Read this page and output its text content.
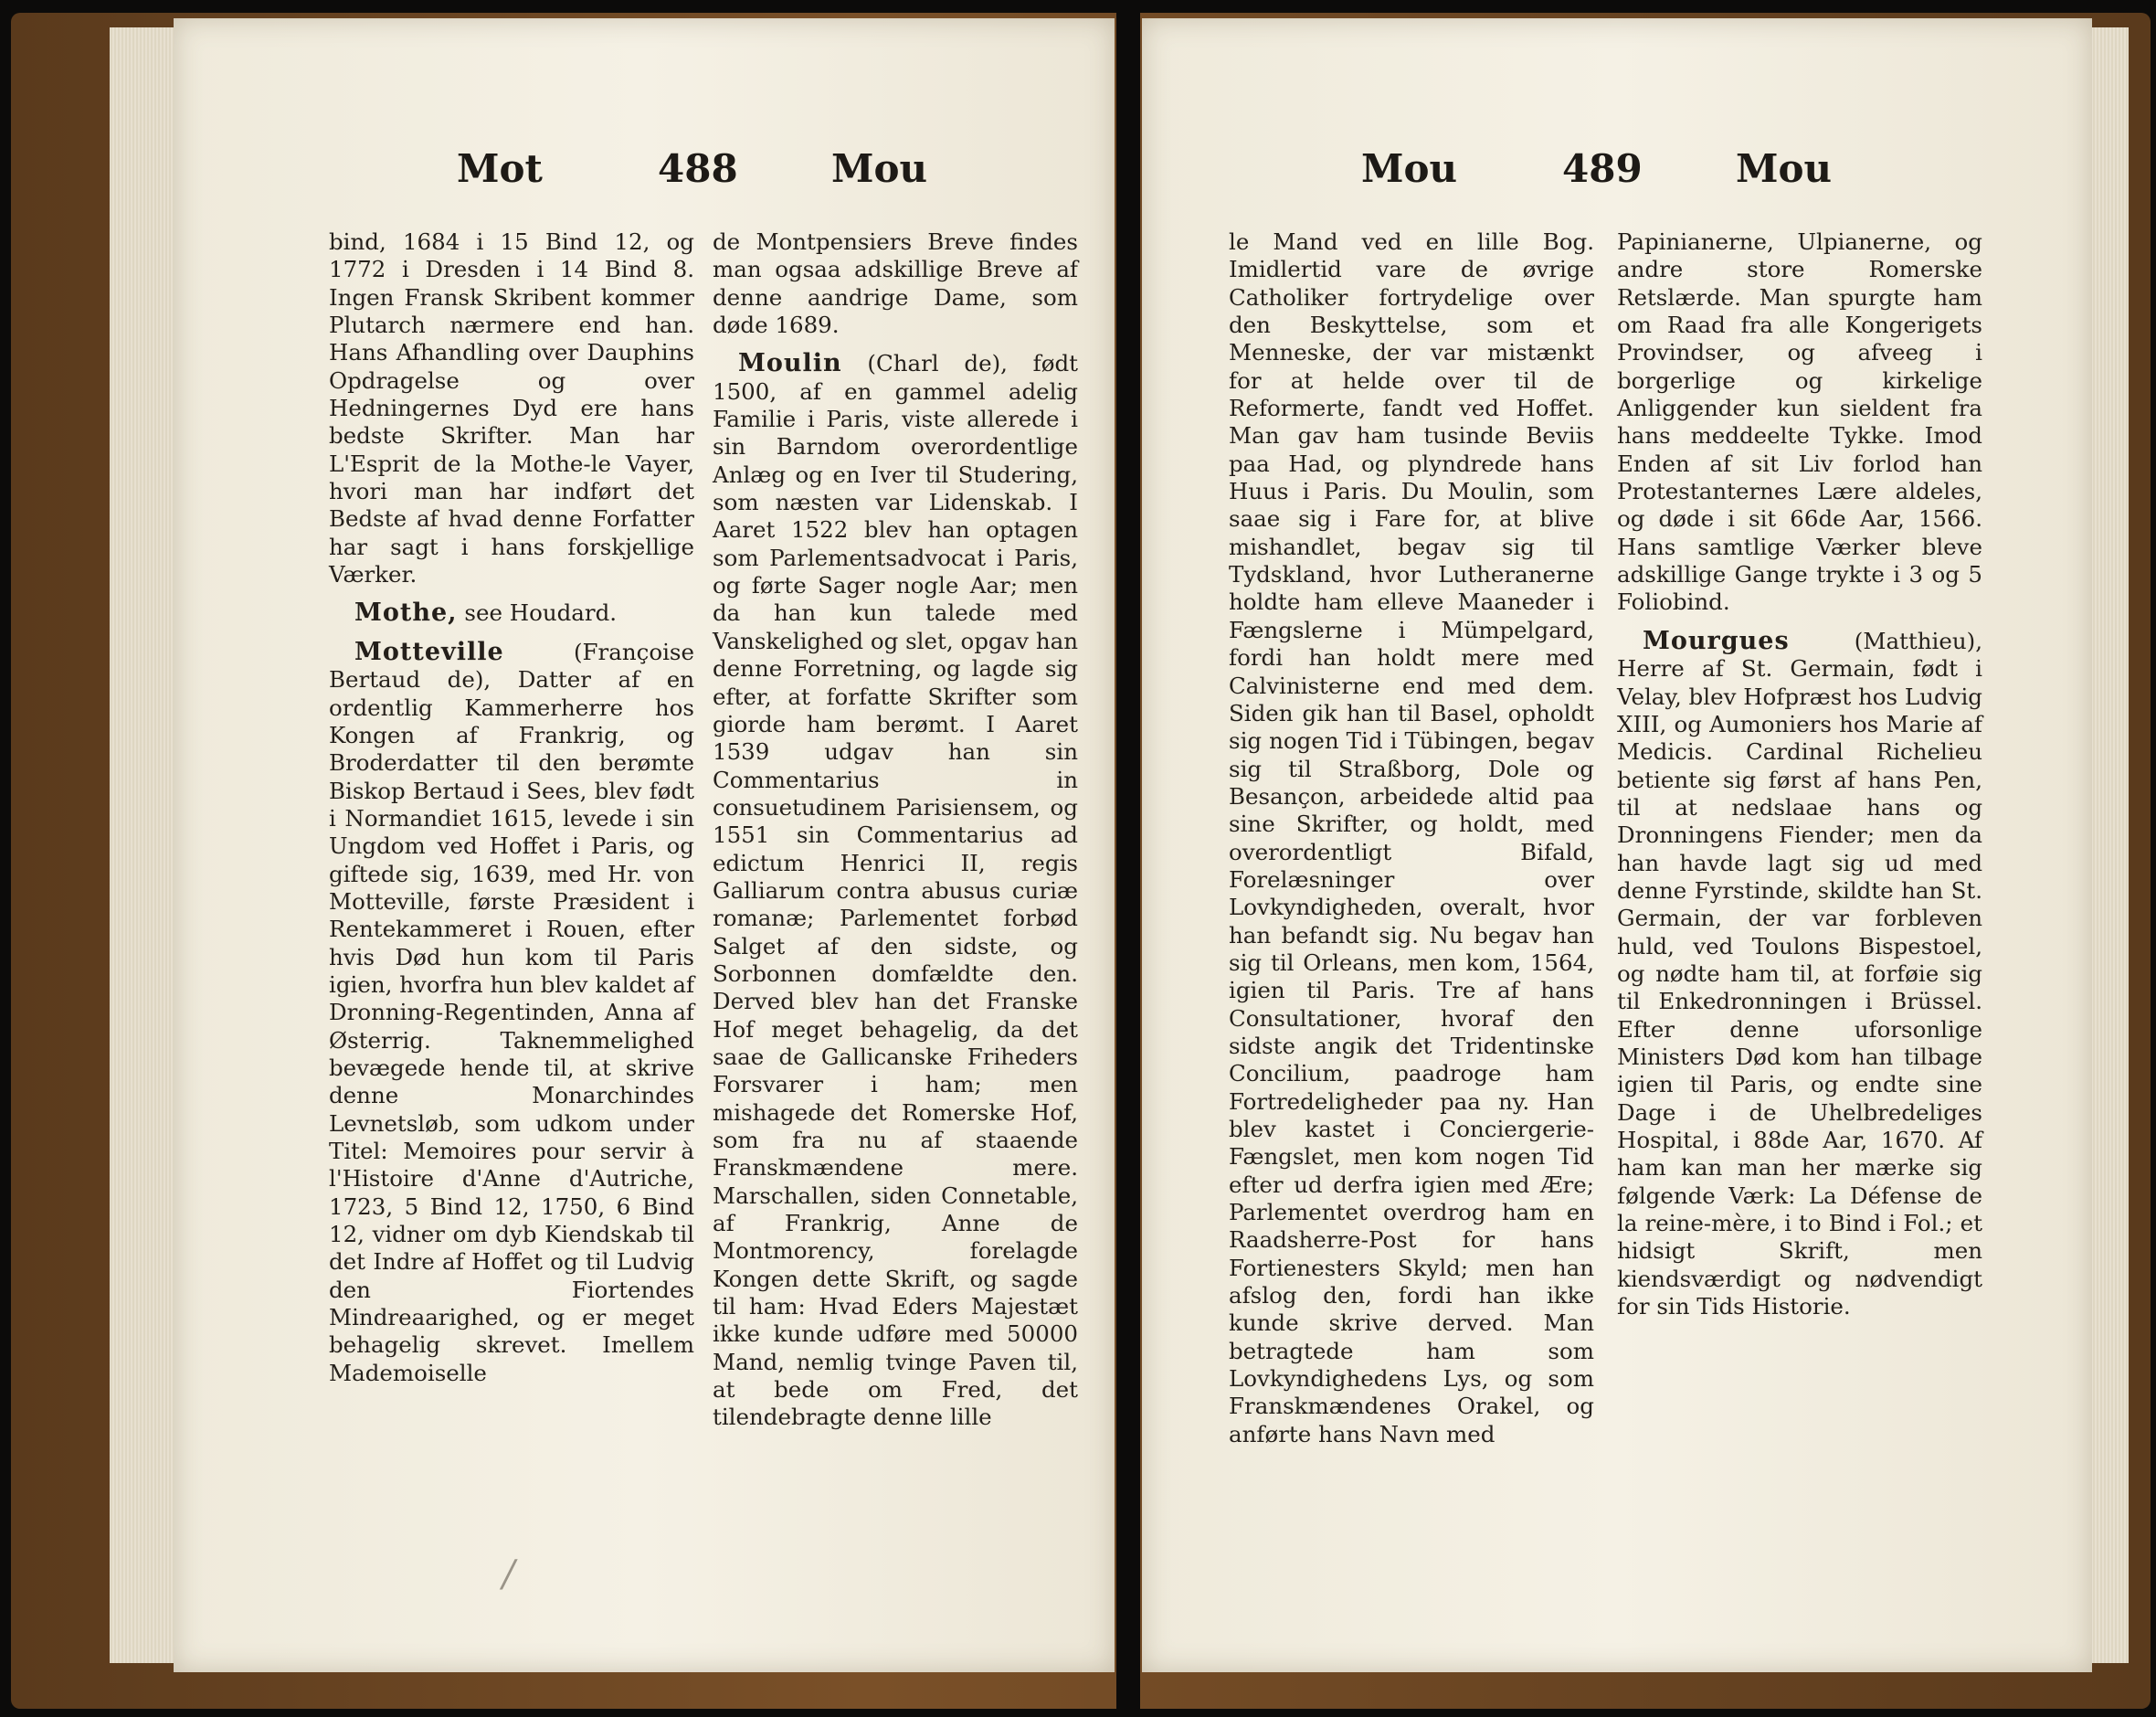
Mot	488 Mou

bind, 1684 i 15 Bind 12, og 1772 i Dresden i 14 Bind 8. Ingen Fransk Skribent kommer Plutarch nærmere end han. Hans Afhandling over Dauphins Opdragelse og over Hedningernes Dyd ere hans bedste Skrifter. Man har L'Esprit de la Mothe-le Vayer, hvori man har indført det Bedste af hvad denne Forfatter har sagt i hans forskjellige Værker.

Mothe, see Houdard.

Motteville (Françoise Bertaud de), Datter af en ordentlig Kammerherre hos Kongen af Frankrig, og Broderdatter til den berømte Biskop Bertaud i Sees, blev født i Normandiet 1615, levede i sin Ungdom ved Hoffet i Paris, og giftede sig, 1639, med Hr. von Motteville, første Præsident i Rentekammeret i Rouen, efter hvis Død hun kom til Paris igien, hvorfra hun blev kaldet af Dronning-Regentinden, Anna af Østerrig. Taknemmelighed bevægede hende til, at skrive denne Monarchindes Levnetsløb, som udkom under Titel: Memoires pour servir à l'Histoire d'Anne d'Autriche, 1723, 5 Bind 12, 1750, 6 Bind 12, vidner om dyb Kiendskab til det Indre af Hoffet og til Ludvig den Fiortendes Mindreaarighed, og er meget behagelig skrevet. Imellem Mademoiselle

de Montpensiers Breve findes man ogsaa adskillige Breve af denne aandrige Dame, som døde 1689.

Moulin (Charl de), født 1500, af en gammel adelig Familie i Paris, viste allerede i sin Barndom overordentlige Anlæg og en Iver til Studering, som næsten var Lidenskab. I Aaret 1522 blev han optagen som Parlementsadvocat i Paris, og førte Sager nogle Aar; men da han kun talede med Vanskelighed og slet, opgav han denne Forretning, og lagde sig efter, at forfatte Skrifter som giorde ham berømt. I Aaret 1539 udgav han sin Commentarius in consuetudinem Parisiensem, og 1551 sin Commentarius ad edictum Henrici II, regis Galliarum contra abusus curiæ romanæ; Parlementet forbød Salget af den sidste, og Sorbonnen domfældte den. Derved blev han det Franske Hof meget behagelig, da det saae de Gallicanske Friheders Forsvarer i ham; men mishagede det Romerske Hof, som fra nu af staaende Franskmændene mere. Marschallen, siden Connetable, af Frankrig, Anne de Montmorency, forelagde Kongen dette Skrift, og sagde til ham: Hvad Eders Majestæt ikke kunde udføre med 50000 Mand, nemlig tvinge Paven til, at bede om Fred, det tilendebragte denne lille

/
Mou	489 Mou

le Mand ved en lille Bog. Imidlertid vare de øvrige Catholiker fortrydelige over den Beskyttelse, som et Menneske, der var mistænkt for at helde over til de Reformerte, fandt ved Hoffet. Man gav ham tusinde Beviis paa Had, og plyndrede hans Huus i Paris. Du Moulin, som saae sig i Fare for, at blive mishandlet, begav sig til Tydskland, hvor Lutheranerne holdte ham elleve Maaneder i Fængslerne i Mümpelgard, fordi han holdt mere med Calvinisterne end med dem. Siden gik han til Basel, opholdt sig nogen Tid i Tübingen, begav sig til Straßborg, Dole og Besançon, arbeidede altid paa sine Skrifter, og holdt, med overordentligt Bifald, Forelæsninger over Lovkyndigheden, overalt, hvor han befandt sig. Nu begav han sig til Orleans, men kom, 1564, igien til Paris. Tre af hans Consultationer, hvoraf den sidste angik det Tridentinske Concilium, paadroge ham Fortredeligheder paa ny. Han blev kastet i Conciergerie-Fængslet, men kom nogen Tid efter ud derfra igien med Ære; Parlementet overdrog ham en Raadsherre-Post for hans Fortienesters Skyld; men han afslog den, fordi han ikke kunde skrive derved. Man betragtede ham som Lovkyndighedens Lys, og som Franskmændenes Orakel, og anførte hans Navn med

Papinianerne, Ulpianerne, og andre store Romerske Retslærde. Man spurgte ham om Raad fra alle Kongerigets Provindser, og afveeg i borgerlige og kirkelige Anliggender kun sieldent fra hans meddeelte Tykke. Imod Enden af sit Liv forlod han Protestanternes Lære aldeles, og døde i sit 66de Aar, 1566. Hans samtlige Værker bleve adskillige Gange trykte i 3 og 5 Foliobind.

Mourgues (Matthieu), Herre af St. Germain, født i Velay, blev Hofpræst hos Ludvig XIII, og Aumoniers hos Marie af Medicis. Cardinal Richelieu betiente sig først af hans Pen, til at nedslaae hans og Dronningens Fiender; men da han havde lagt sig ud med denne Fyrstinde, skildte han St. Germain, der var forbleven huld, ved Toulons Bispestoel, og nødte ham til, at forføie sig til Enkedronningen i Brüssel. Efter denne uforsonlige Ministers Død kom han tilbage igien til Paris, og endte sine Dage i de Uhelbredeliges Hospital, i 88de Aar, 1670. Af ham kan man her mærke sig følgende Værk: La Défense de la reine-mère, i to Bind i Fol.; et hidsigt Skrift, men kiendsværdigt og nødvendigt for sin Tids Historie.
